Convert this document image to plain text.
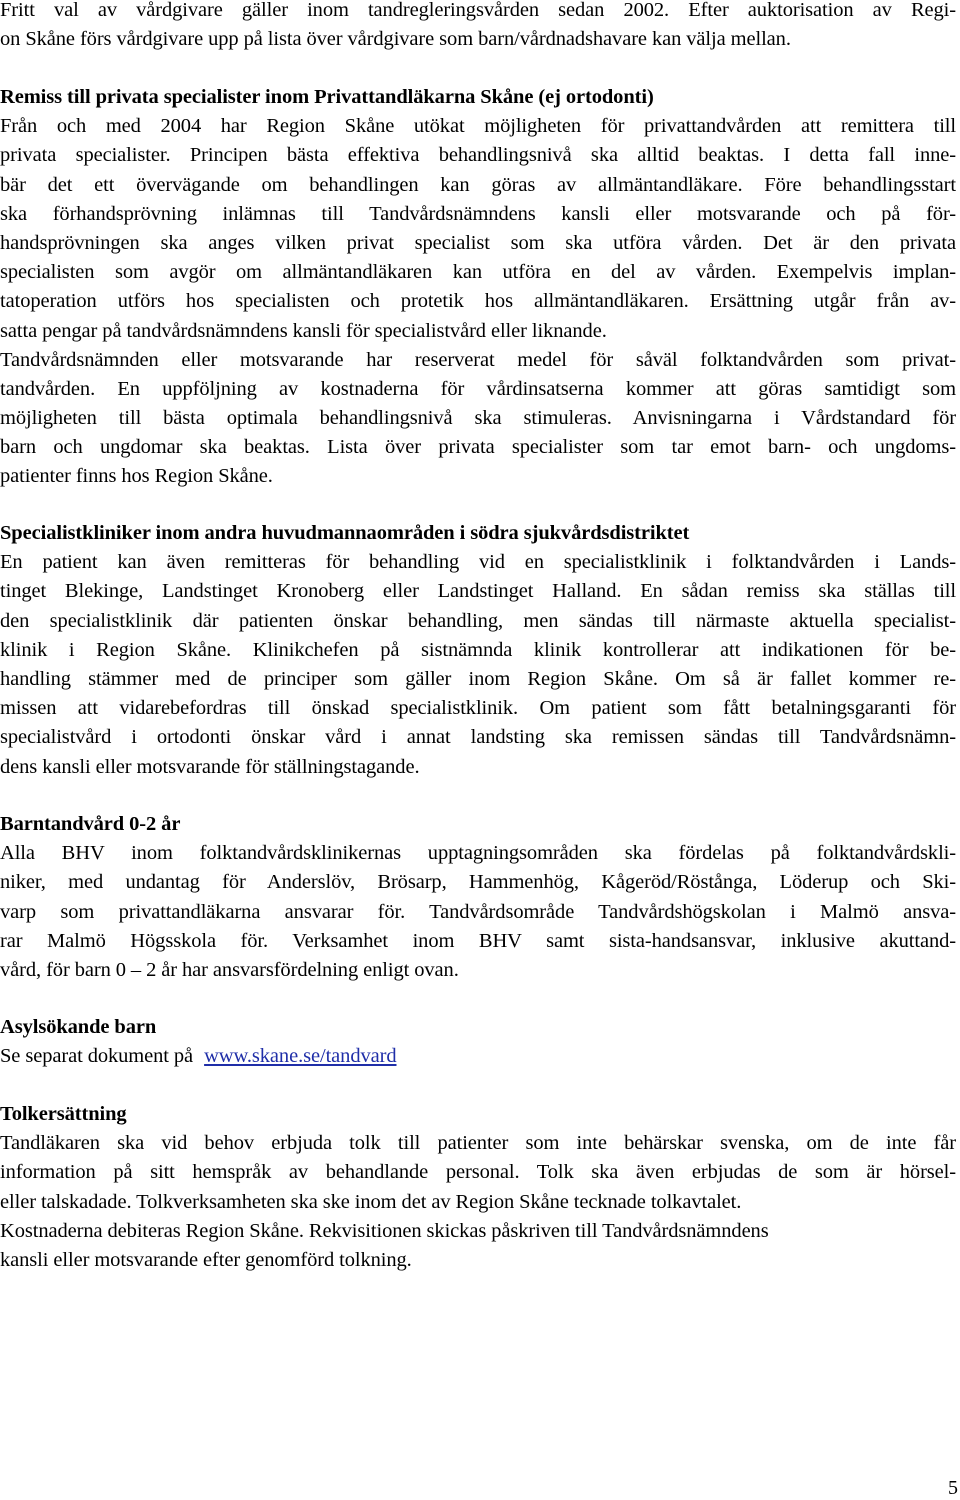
Fritt val av vårdgivare gäller inom tandregleringsvården sedan 2002. Efter auktorisation av Regi-
on Skåne förs vårdgivare upp på lista över vårdgivare som barn/vårdnadshavare kan välja mellan.
Remiss till privata specialister inom Privattandläkarna Skåne (ej ortodonti)
Från och med 2004 har Region Skåne utökat möjligheten för privattandvården att remittera till
privata specialister. Principen bästa effektiva behandlingsnivå ska alltid beaktas. I detta fall inne-
bär det ett övervägande om behandlingen kan göras av allmäntandläkare. Före behandlingsstart
ska förhandsprövning inlämnas till Tandvårdsnämndens kansli eller motsvarande och på för-
handsprövningen ska anges vilken privat specialist som ska utföra vården. Det är den privata
specialisten som avgör om allmäntandläkaren kan utföra en del av vården. Exempelvis implan-
tatoperation utförs hos specialisten och protetik hos allmäntandläkaren. Ersättning utgår från av-
satta pengar på tandvårdsnämndens kansli för specialistvård eller liknande.
Tandvårdsnämnden eller motsvarande har reserverat medel för såväl folktandvården som privat-
tandvården. En uppföljning av kostnaderna för vårdinsatserna kommer att göras samtidigt som
möjligheten till bästa optimala behandlingsnivå ska stimuleras. Anvisningarna i Vårdstandard för
barn och ungdomar ska beaktas. Lista över privata specialister som tar emot barn- och ungdoms-
patienter finns hos Region Skåne.
Specialistkliniker inom andra huvudmannaområden i södra sjukvårdsdistriktet
En patient kan även remitteras för behandling vid en specialistklinik i folktandvården i Lands-
tinget Blekinge, Landstinget Kronoberg eller Landstinget Halland. En sådan remiss ska ställas till
den specialistklinik där patienten önskar behandling, men sändas till närmaste aktuella specialist-
klinik i Region Skåne. Klinikchefen på sistnämnda klinik kontrollerar att indikationen för be-
handling stämmer med de principer som gäller inom Region Skåne. Om så är fallet kommer re-
missen att vidarebefordras till önskad specialistklinik. Om patient som fått betalningsgaranti för
specialistvård i ortodonti önskar vård i annat landsting ska remissen sändas till Tandvårdsnämn-
dens kansli eller motsvarande för ställningstagande.
Barntandvård 0-2 år
Alla BHV inom folktandvårdsklinikernas upptagningsområden ska fördelas på folktandvårdskli-
niker, med undantag för Anderslöv, Brösarp, Hammenhög, Kågeröd/Röstånga, Löderup och Ski-
varp som privattandläkarna ansvarar för. Tandvårdsområde Tandvårdshögskolan i Malmö ansva-
rar Malmö Högsskola för. Verksamhet inom BHV samt sista-handsansvar, inklusive akuttand-
vård, för barn 0 – 2 år har ansvarsfördelning enligt ovan.
Asylsökande barn
Se separat dokument på www.skane.se/tandvard
Tolkersättning
Tandläkaren ska vid behov erbjuda tolk till patienter som inte behärskar svenska, om de inte får
information på sitt hemspråk av behandlande personal. Tolk ska även erbjudas de som är hörsel-
eller talskadade. Tolkverksamheten ska ske inom det av Region Skåne tecknade tolkavtalet.
Kostnaderna debiteras Region Skåne. Rekvisitionen skickas påskriven till Tandvårdsnämndens
kansli eller motsvarande efter genomförd tolkning.
5
